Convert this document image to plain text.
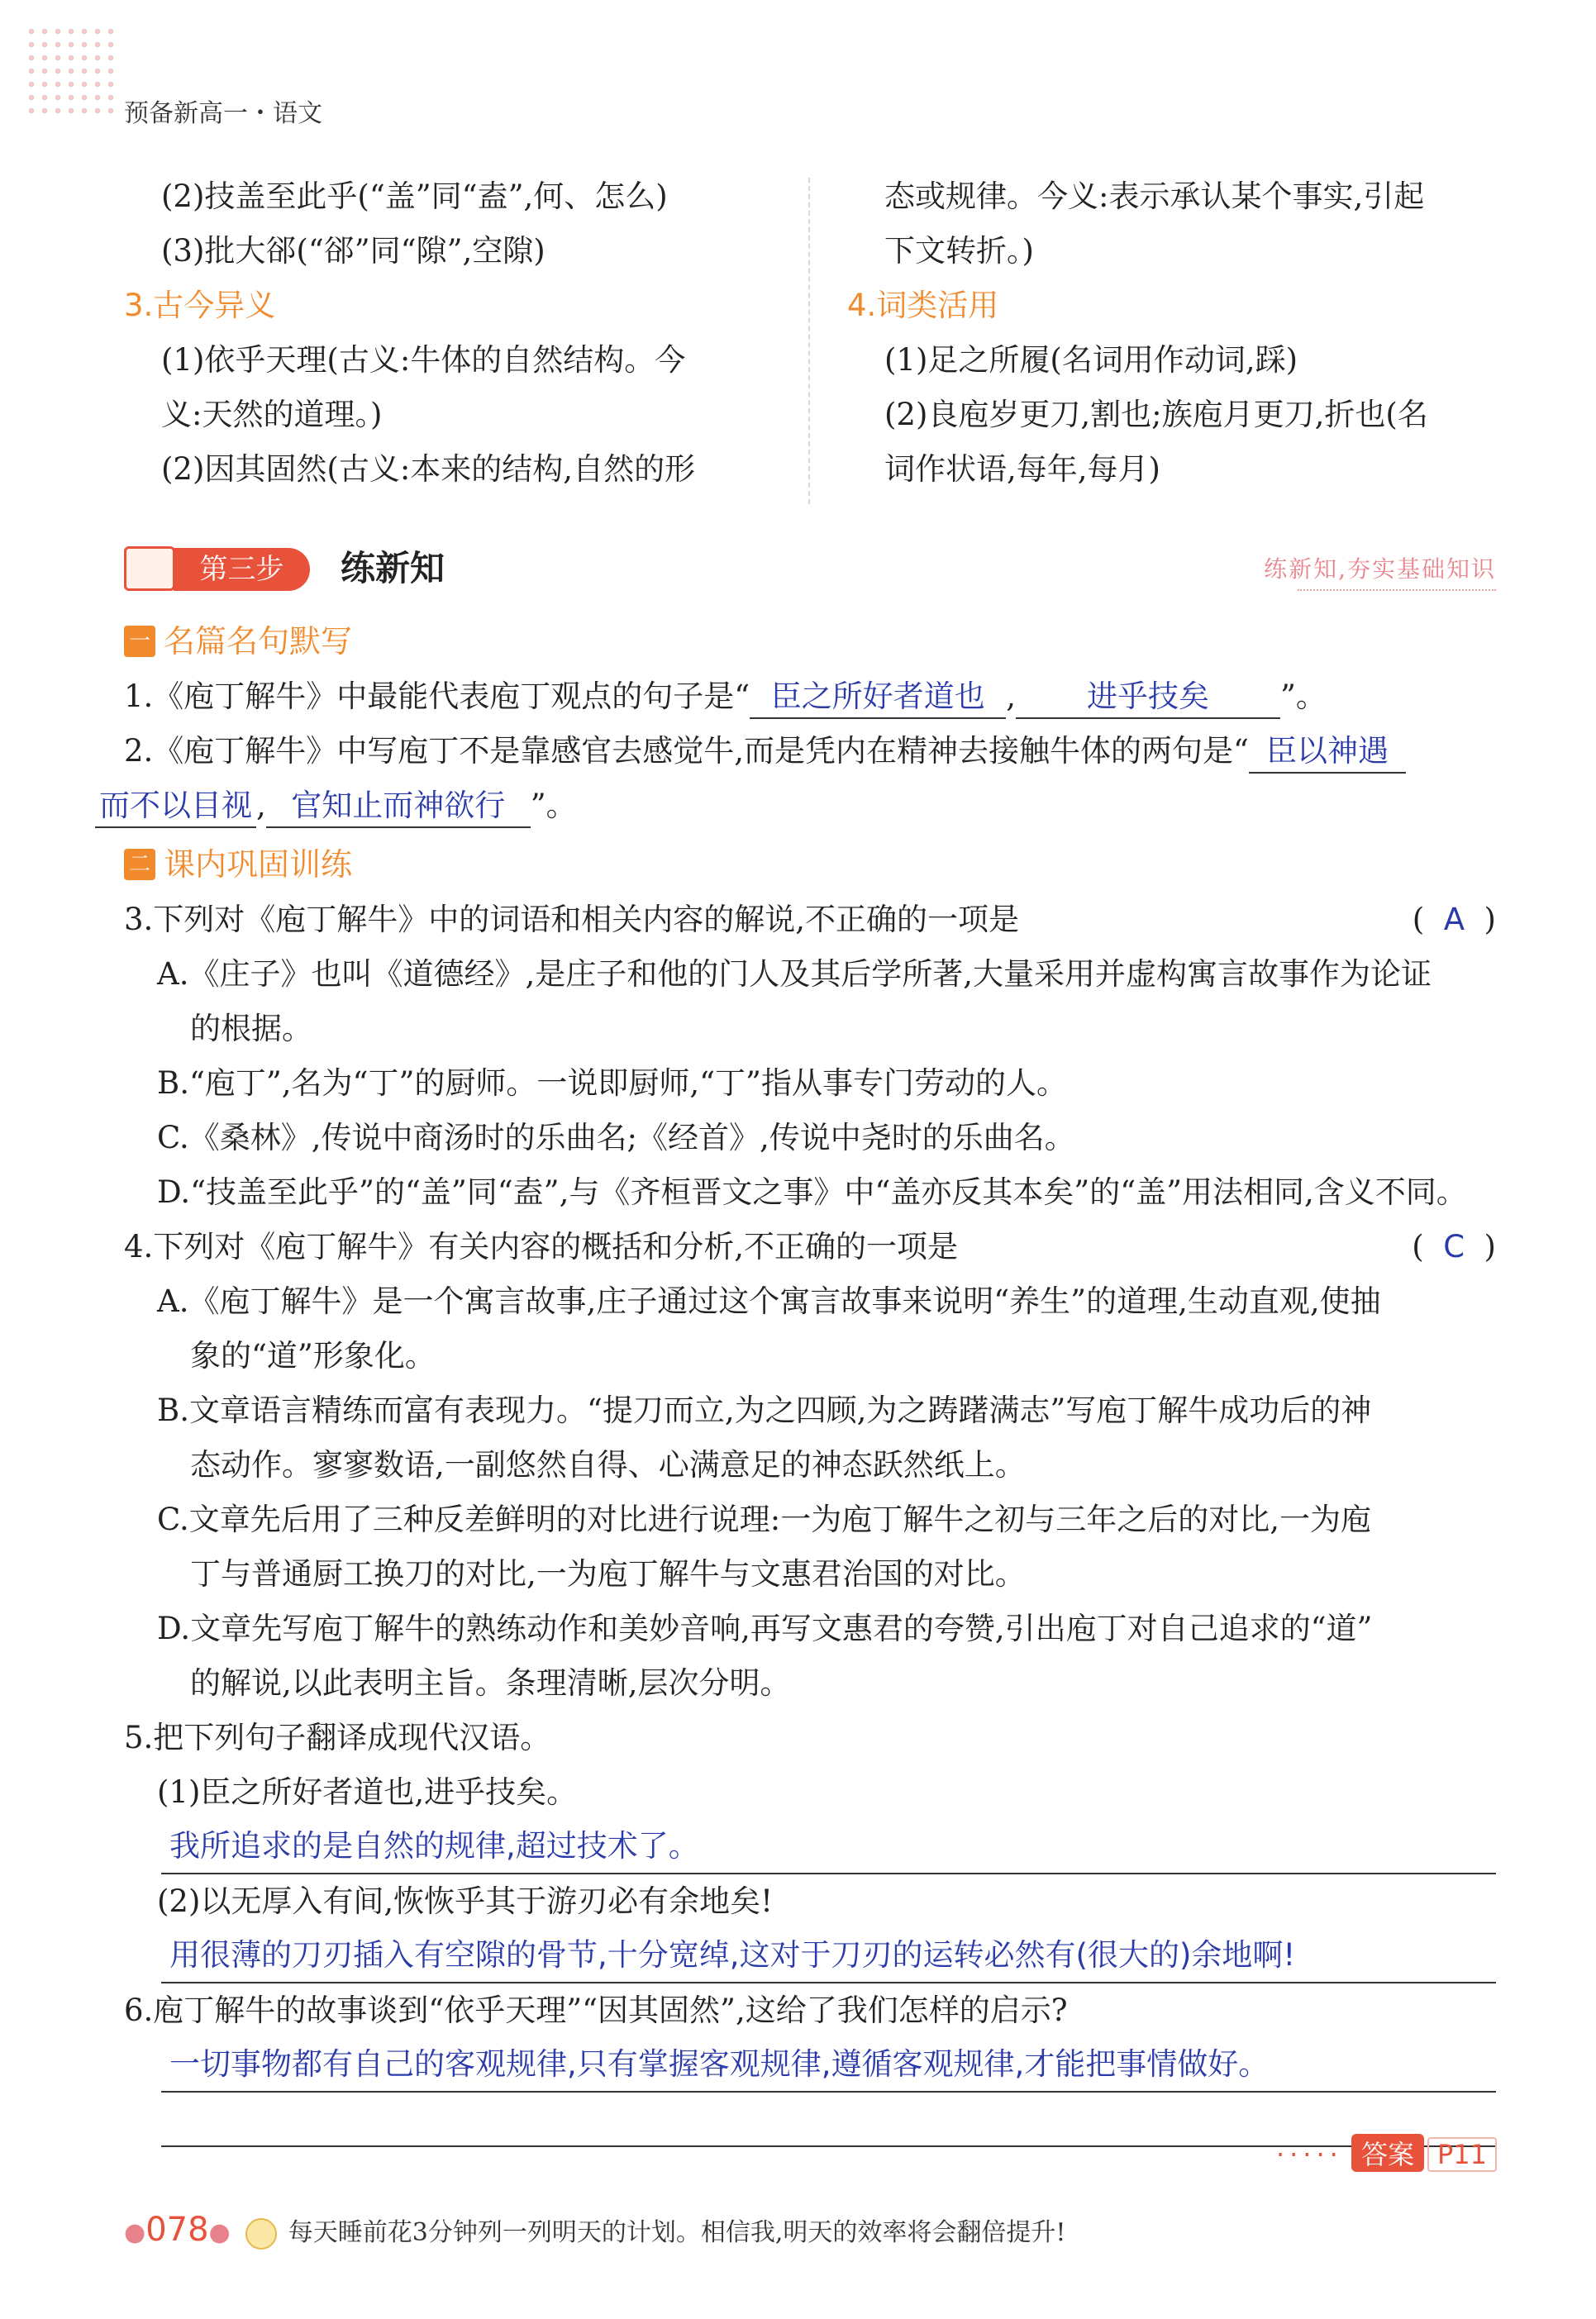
预备新高一・语文
(2)技盖至此乎(“盖”同“盍”,何、怎么)
(3)批大郤(“郤”同“隙”,空隙)
3.古今异义
(1)依乎天理(古义:牛体的自然结构。今
义:天然的道理。)
(2)因其固然(古义:本来的结构,自然的形
态或规律。今义:表示承认某个事实,引起
下文转折。)
4.词类活用
(1)足之所履(名词用作动词,踩)
(2)良庖岁更刀,割也;族庖月更刀,折也(名
词作状语,每年,每月)
第三步	练新知	练新知,夯实基础知识
一 名篇名句默写
1.《庖丁解牛》中最能代表庖丁观点的句子是“ 臣之所好者道也 , 进乎技矣 ”。
2.《庖丁解牛》中写庖丁不是靠感官去感觉牛,而是凭内在精神去接触牛体的两句是“ 臣以神遇
而不以目视 , 官知止而神欲行 ”。
二 课内巩固训练
3.下列对《庖丁解牛》中的词语和相关内容的解说,不正确的一项是	(  A  )
A.《庄子》也叫《道德经》,是庄子和他的门人及其后学所著,大量采用并虚构寓言故事作为论证
的根据。
B.“庖丁”,名为“丁”的厨师。一说即厨师,“丁”指从事专门劳动的人。
C.《桑林》,传说中商汤时的乐曲名;《经首》,传说中尧时的乐曲名。
D.“技盖至此乎”的“盖”同“盍”,与《齐桓晋文之事》中“盖亦反其本矣”的“盖”用法相同,含义不同。
4.下列对《庖丁解牛》有关内容的概括和分析,不正确的一项是	(  C  )
A.《庖丁解牛》是一个寓言故事,庄子通过这个寓言故事来说明“养生”的道理,生动直观,使抽
象的“道”形象化。
B.文章语言精练而富有表现力。“提刀而立,为之四顾,为之踌躇满志”写庖丁解牛成功后的神
态动作。寥寥数语,一副悠然自得、心满意足的神态跃然纸上。
C.文章先后用了三种反差鲜明的对比进行说理:一为庖丁解牛之初与三年之后的对比,一为庖
丁与普通厨工换刀的对比,一为庖丁解牛与文惠君治国的对比。
D.文章先写庖丁解牛的熟练动作和美妙音响,再写文惠君的夸赞,引出庖丁对自己追求的“道”
的解说,以此表明主旨。条理清晰,层次分明。
5.把下列句子翻译成现代汉语。
(1)臣之所好者道也,进乎技矣。
我所追求的是自然的规律,超过技术了。
(2)以无厚入有间,恢恢乎其于游刃必有余地矣!
用很薄的刀刃插入有空隙的骨节,十分宽绰,这对于刀刃的运转必然有(很大的)余地啊!
6.庖丁解牛的故事谈到“依乎天理”“因其固然”,这给了我们怎样的启示?
一切事物都有自己的客观规律,只有掌握客观规律,遵循客观规律,才能把事情做好。
····· 答案 P11
●078● 每天睡前花3分钟列一列明天的计划。相信我,明天的效率将会翻倍提升!
